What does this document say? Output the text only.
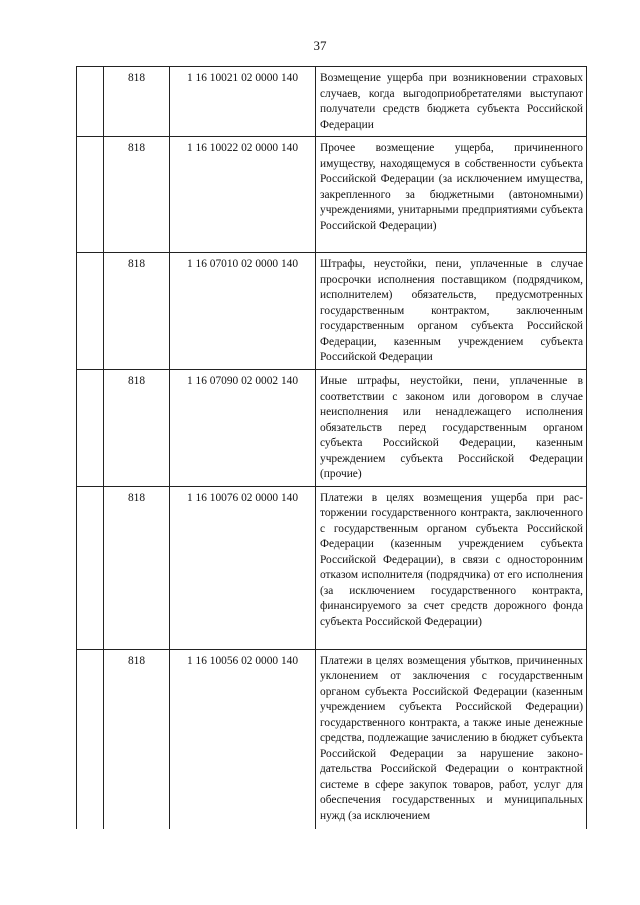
37
	818	1 16 10021 02 0000 140	Возмещение ущерба при возникновении страховых случаев, когда выгодоприобретателями выступают получатели средств бюджета субъекта Российской Федерации
	818	1 16 10022 02 0000 140	Прочее возмещение ущерба, причиненного имуществу, находящемуся в собственности субъекта Российской Федерации (за исключением имущества, закрепленного за бюджетными (автономными) учреждениями, унитарными предприятиями субъекта Российской Федерации)
	818	1 16 07010 02 0000 140	Штрафы, неустойки, пени, уплаченные в случае просрочки исполнения поставщиком (подрядчиком, исполнителем) обязательств, предусмотренных государственным контрактом, заключенным государственным органом субъекта Российской Федерации, казенным учреждением субъекта Российской Федерации
	818	1 16 07090 02 0002 140	Иные штрафы, неустойки, пени, уплаченные в соответствии с законом или договором в случае неисполнения или ненадлежащего исполнения обязательств перед государственным органом субъекта Российской Федерации, казенным учреждением субъекта Российской Федерации (прочие)
	818	1 16 10076 02 0000 140	Платежи в целях возмещения ущерба при расторжении государственного контракта, заключенного с государственным органом субъекта Российской Федерации (казенным учреждением субъекта Российской Федерации), в связи с односторонним отказом исполнителя (подрядчика) от его исполнения (за исключением государственного контракта, финансируемого за счет средств дорожного фонда субъекта Российской Федерации)
	818	1 16 10056 02 0000 140	Платежи в целях возмещения убытков, причиненных уклонением от заключения с государственным органом субъекта Российской Федерации (казенным учреждением субъекта Российской Федерации) государственного контракта, а также иные денежные средства, подлежащие зачислению в бюджет субъекта Российской Федерации за нарушение законодательства Российской Федерации о контрактной системе в сфере закупок товаров, работ, услуг для обеспечения государственных и муниципальных нужд (за исключением
